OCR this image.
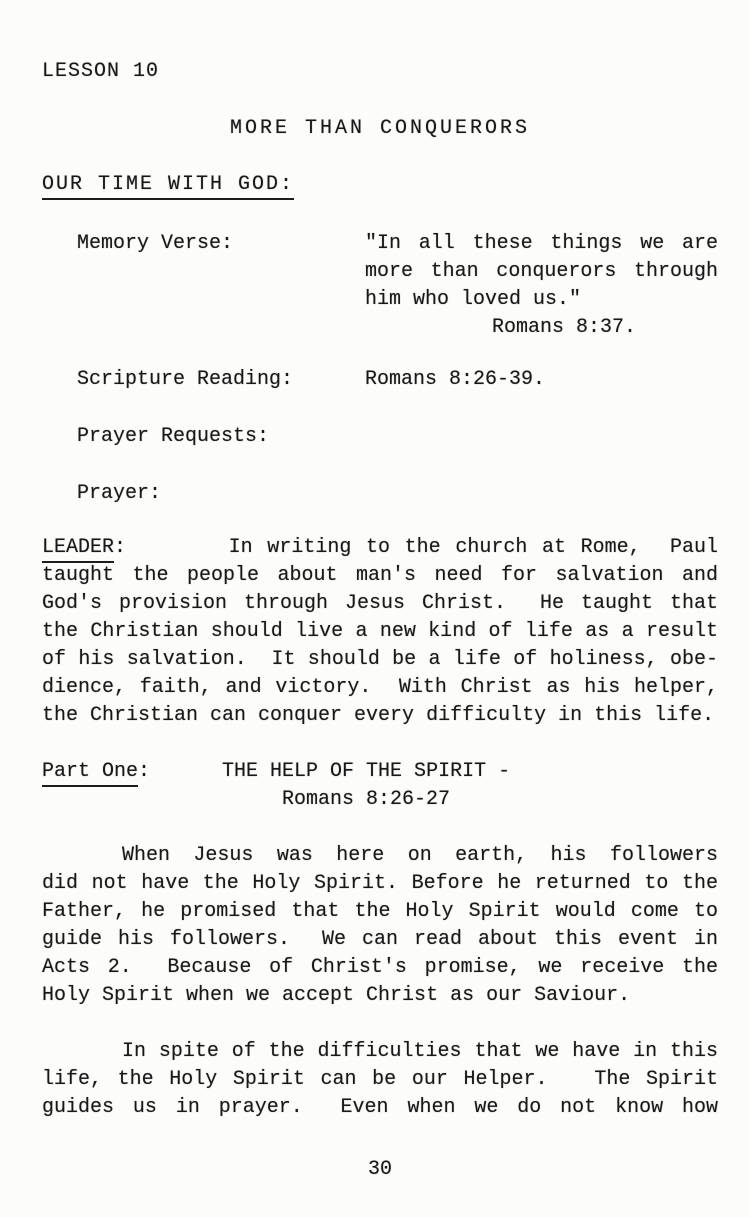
LESSON 10
MORE THAN CONQUERORS
OUR TIME WITH GOD:
Memory Verse:	"In all these things we are
more than conquerors through
him who loved us."
Romans 8:37.
Scripture Reading:	Romans 8:26-39.
Prayer Requests:
Prayer:
LEADER:       In writing to the church at Rome,  Paul
taught the people about man's need for salvation and
God's provision through Jesus Christ.  He taught that
the Christian should live a new kind of life as a result
of his salvation.  It should be a life of holiness, obe-
dience, faith, and victory.  With Christ as his helper,
the Christian can conquer every difficulty in this life.
Part One:      THE HELP OF THE SPIRIT -
Romans 8:26-27
When Jesus was here on earth, his followers
did not have the Holy Spirit. Before he returned to the
Father, he promised that the Holy Spirit would come to
guide his followers.  We can read about this event in
Acts 2.  Because of Christ's promise, we receive the
Holy Spirit when we accept Christ as our Saviour.
In spite of the difficulties that we have in this
life, the Holy Spirit can be our Helper.   The Spirit
guides us in prayer.  Even when we do not know how
30
